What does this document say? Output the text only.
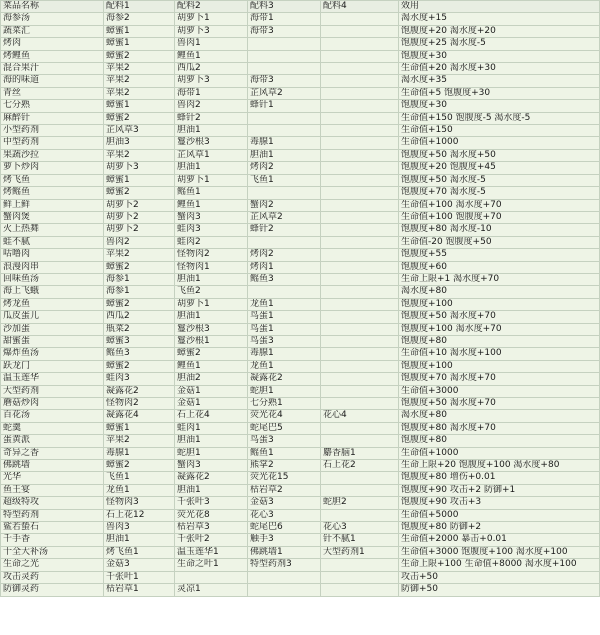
菜品名称	配料1	配料2	配料3	配料4	效用
海参汤	海参2	胡萝卜1	海带1		渴水度+15
蔬菜汇	蟑蜜1	胡萝卜3	海带3		饱腹度+20 渴水度+20
烤肉	蟑蜜1	兽肉1			饱腹度+25 渴水度-5
烤鲤鱼	蟑蜜2	鲤鱼1			饱腹度+30
混合果汁	苹果2	西瓜2			生命值+20 渴水度+30
海的味道	苹果2	胡萝卜3	海带3		渴水度+35
青丝	苹果2	海带1	芷风草2		生命值+5 饱腹度+30
七分熟	蟑蜜1	兽肉2	蜂针1		饱腹度+30
麻醉针	蟑蜜2	蜂针2			生命值+150 饱腹度-5 渴水度-5
小型药剂	芷风草3	胆油1			生命值+150
中型药剂	胆油3	鬘沙根3	毒腺1		生命值+1000
果蔬沙拉	苹果2	芷风草1	胆油1		饱腹度+50 渴水度+50
萝卜炒肉	胡萝卜3	胆油1	烤肉2		饱腹度+20 饱腹度+45
烤飞鱼	蟑蜜1	胡萝卜1	飞鱼1		饱腹度+50 渴水度-5
烤鳐鱼	蟑蜜2	鳐鱼1			饱腹度+70 渴水度-5
鲜上鲜	胡萝卜2	鲤鱼1	蟹肉2		生命值+100 渴水度+70
蟹肉煲	胡萝卜2	蟹肉3	芷风草2		生命值+100 饱腹度+70
火上热舞	胡萝卜2	蛙肉3	蜂针2		饱腹度+80 渴水度-10
蛙不腻	兽肉2	蛙肉2			生命值-20 饱腹度+50
咕噜肉	苹果2	怪物肉2	烤肉2		饱腹度+55
浪漫肉串	蟑蜜2	怪物肉1	烤肉1		饱腹度+60
回味鱼汤	海参1	胆油1	鳐鱼3		生命上限+1 渴水度+70
海上飞蛾	海参1	飞鱼2			渴水度+80
烤龙鱼	蟑蜜2	胡萝卜1	龙鱼1		饱腹度+100
瓜皮蛋儿	西瓜2	胆油1	鸟蛋1		饱腹度+50 渴水度+70
沙加蛋	瓶菜2	鬘沙根3	鸟蛋1		饱腹度+100 渴水度+70
甜蜜蛋	蟑蜜3	鬘沙根1	鸟蛋3		饱腹度+80
爆炸鱼汤	鳐鱼3	蟑蜜2	毒腺1		生命值+10 渴水度+100
跃龙门	蟑蜜2	鲤鱼1	龙鱼1		饱腹度+100
温玉莲华	蛙肉3	胆油2	凝露花2		饱腹度+70 渴水度+70
大型药剂	凝露花2	金菇1	蛇胆1		生命值+3000
蘑菇炒肉	怪物肉2	金菇1	七分熟1		饱腹度+50 渴水度+70
百花汤	凝露花4	石上花4	荧光花4	花心4	渴水度+80
蛇羹	蟑蜜1	蛙肉1	蛇尾巴5		饱腹度+80 渴水度+70
蛋黄派	苹果2	胆油1	鸟蛋3		饱腹度+80
奇异之香	毒腺1	蛇胆1	鳐鱼1	麝香脑1	生命值+1000
佛跳墙	蟑蜜2	蟹肉3	熊掌2	石上花2	生命上限+20 饱腹度+100 渴水度+80
光华	飞鱼1	凝露花2	荧光花15		饱腹度+80 增伤+0.01
鱼王宴	龙鱼1	胆油1	枯岩草2		饱腹度+90 攻击+2 防御+1
超级特攻	怪物肉3	千张叶3	金菇3	蛇胆2	饱腹度+90 攻击+3
特型药剂	石上花12	荧光花8	花心3		生命值+5000
鲨若蛰石	兽肉3	枯岩草3	蛇尾巴6	花心3	饱腹度+80 防御+2
千手香	胆油1	千张叶2	触手3	针不腻1	生命值+2000 暴击+0.01
十全大补汤	烤飞鱼1	温玉莲华1	佛跳墙1	大型药剂1	生命值+3000 饱腹度+100 渴水度+100
生命之光	金菇3	生命之叶1	特型药剂3		生命上限+100 生命值+8000 渴水度+100
攻击灵药	千张叶1				攻击+50
防御灵药	枯岩草1	灵凉1			防御+50
